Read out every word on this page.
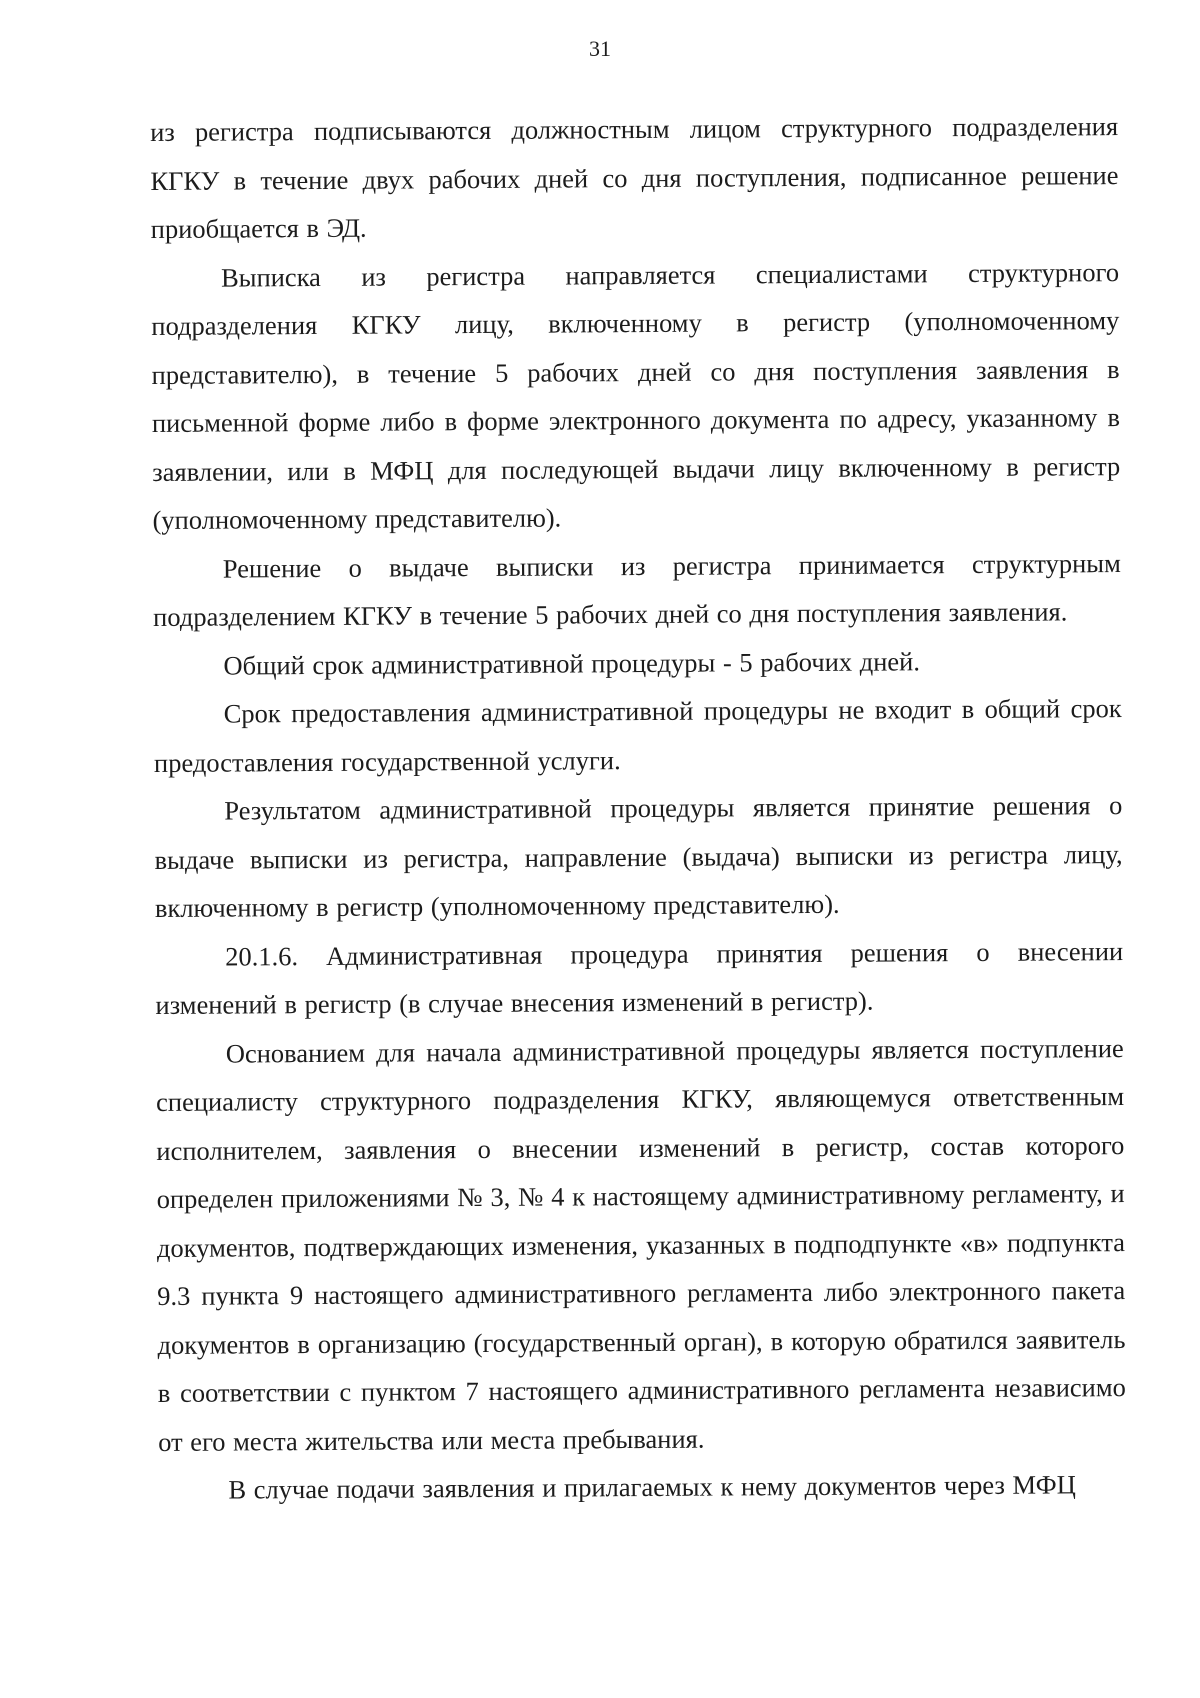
31

из регистра подписываются должностным лицом структурного подразделения КГКУ в течение двух рабочих дней со дня поступления, подписанное решение приобщается в ЭД.

Выписка из регистра направляется специалистами структурного подразделения КГКУ лицу, включенному в регистр (уполномоченному представителю), в течение 5 рабочих дней со дня поступления заявления в письменной форме либо в форме электронного документа по адресу, указанному в заявлении, или в МФЦ для последующей выдачи лицу включенному в регистр (уполномоченному представителю).

Решение о выдаче выписки из регистра принимается структурным подразделением КГКУ в течение 5 рабочих дней со дня поступления заявления.

Общий срок административной процедуры - 5 рабочих дней.

Срок предоставления административной процедуры не входит в общий срок предоставления государственной услуги.

Результатом административной процедуры является принятие решения о выдаче выписки из регистра, направление (выдача) выписки из регистра лицу, включенному в регистр (уполномоченному представителю).

20.1.6. Административная процедура принятия решения о внесении изменений в регистр (в случае внесения изменений в регистр).

Основанием для начала административной процедуры является поступление специалисту структурного подразделения КГКУ, являющемуся ответственным исполнителем, заявления о внесении изменений в регистр, состав которого определен приложениями № 3, № 4 к настоящему административному регламенту, и документов, подтверждающих изменения, указанных в подподпункте «в» подпункта 9.3 пункта 9 настоящего административного регламента либо электронного пакета документов в организацию (государственный орган), в которую обратился заявитель в соответствии с пунктом 7 настоящего административного регламента независимо от его места жительства или места пребывания.

В случае подачи заявления и прилагаемых к нему документов через МФЦ
